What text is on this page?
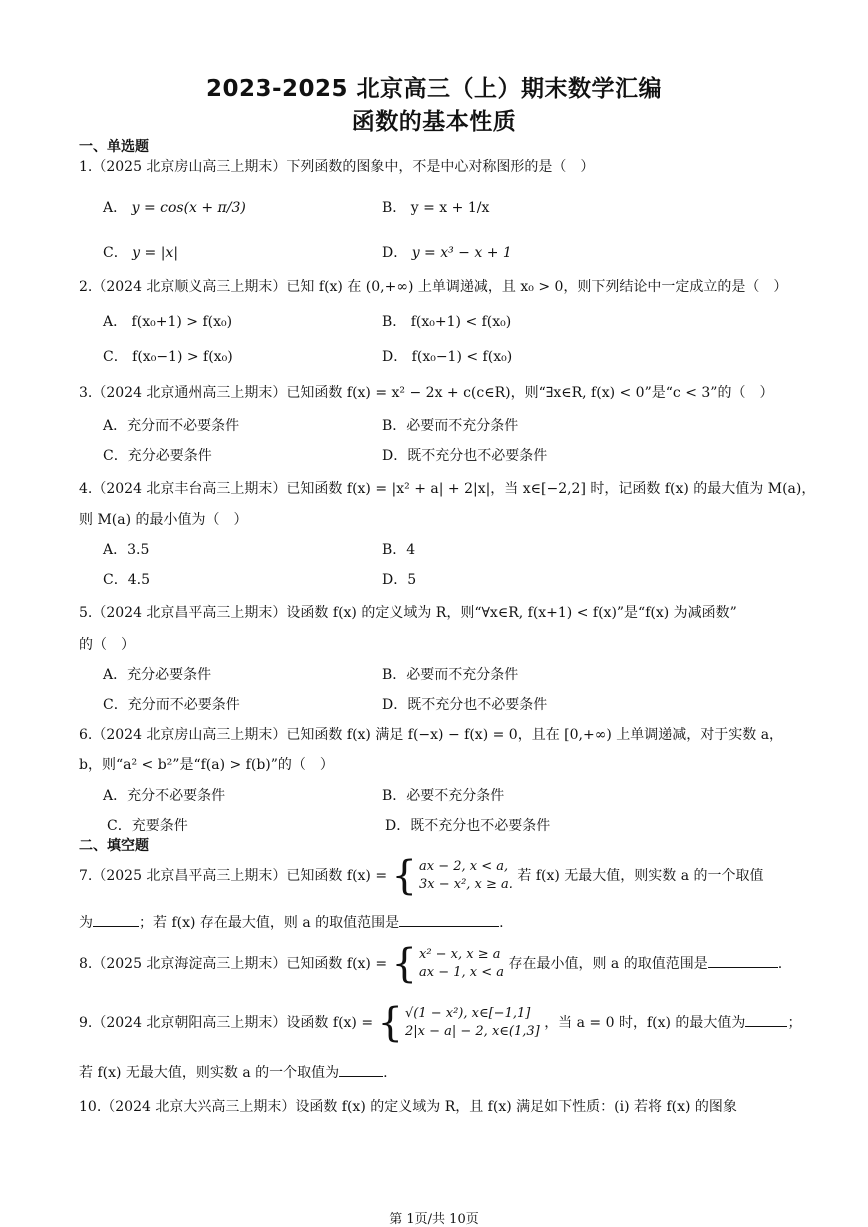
2023-2025 北京高三（上）期末数学汇编
函数的基本性质
一、单选题
1.（2025 北京房山高三上期末）下列函数的图象中，不是中心对称图形的是（　）
A． y = cos(x + π/3)	B． y = x + 1/x
C． y = |x|	D． y = x³ − x + 1
2.（2024 北京顺义高三上期末）已知 f(x) 在 (0,+∞) 上单调递减，且 x₀ > 0，则下列结论中一定成立的是（　）
A． f(x₀+1) > f(x₀)	B． f(x₀+1) < f(x₀)
C． f(x₀−1) > f(x₀)	D． f(x₀−1) < f(x₀)
3.（2024 北京通州高三上期末）已知函数 f(x) = x² − 2x + c(c∈R)，则“∃x∈R, f(x) < 0”是“c < 3”的（　）
A．充分而不必要条件	B．必要而不充分条件
C．充分必要条件	D．既不充分也不必要条件
4.（2024 北京丰台高三上期末）已知函数 f(x) = |x² + a| + 2|x|，当 x∈[−2,2] 时，记函数 f(x) 的最大值为 M(a)，
则 M(a) 的最小值为（　）
A．3.5	B．4
C．4.5	D．5
5.（2024 北京昌平高三上期末）设函数 f(x) 的定义域为 R，则“∀x∈R, f(x+1) < f(x)”是“f(x) 为减函数”
的（　）
A．充分必要条件	B．必要而不充分条件
C．充分而不必要条件	D．既不充分也不必要条件
6.（2024 北京房山高三上期末）已知函数 f(x) 满足 f(−x) − f(x) = 0，且在 [0,+∞) 上单调递减，对于实数 a，
b，则“a² < b²”是“f(a) > f(b)”的（　）
A．充分不必要条件	B．必要不充分条件
C．充要条件	D．既不充分也不必要条件
二、填空题
7.（2025 北京昌平高三上期末）已知函数 f(x) = { ax − 2, x < a,
3x − x², x ≥ a.
若 f(x) 无最大值，则实数 a 的一个取值
为	；若 f(x) 存在最大值，则 a 的取值范围是	.
8.（2025 北京海淀高三上期末）已知函数 f(x) = { x² − x, x ≥ a
ax − 1, x < a
存在最小值，则 a 的取值范围是	.
9.（2024 北京朝阳高三上期末）设函数 f(x) = { √(1 − x²), x∈[−1,1]
2|x − a| − 2, x∈(1,3]
，当 a = 0 时，f(x) 的最大值为	；
若 f(x) 无最大值，则实数 a 的一个取值为	.
10.（2024 北京大兴高三上期末）设函数 f(x) 的定义域为 R，且 f(x) 满足如下性质：(i) 若将 f(x) 的图象
第 1页/共 10页
